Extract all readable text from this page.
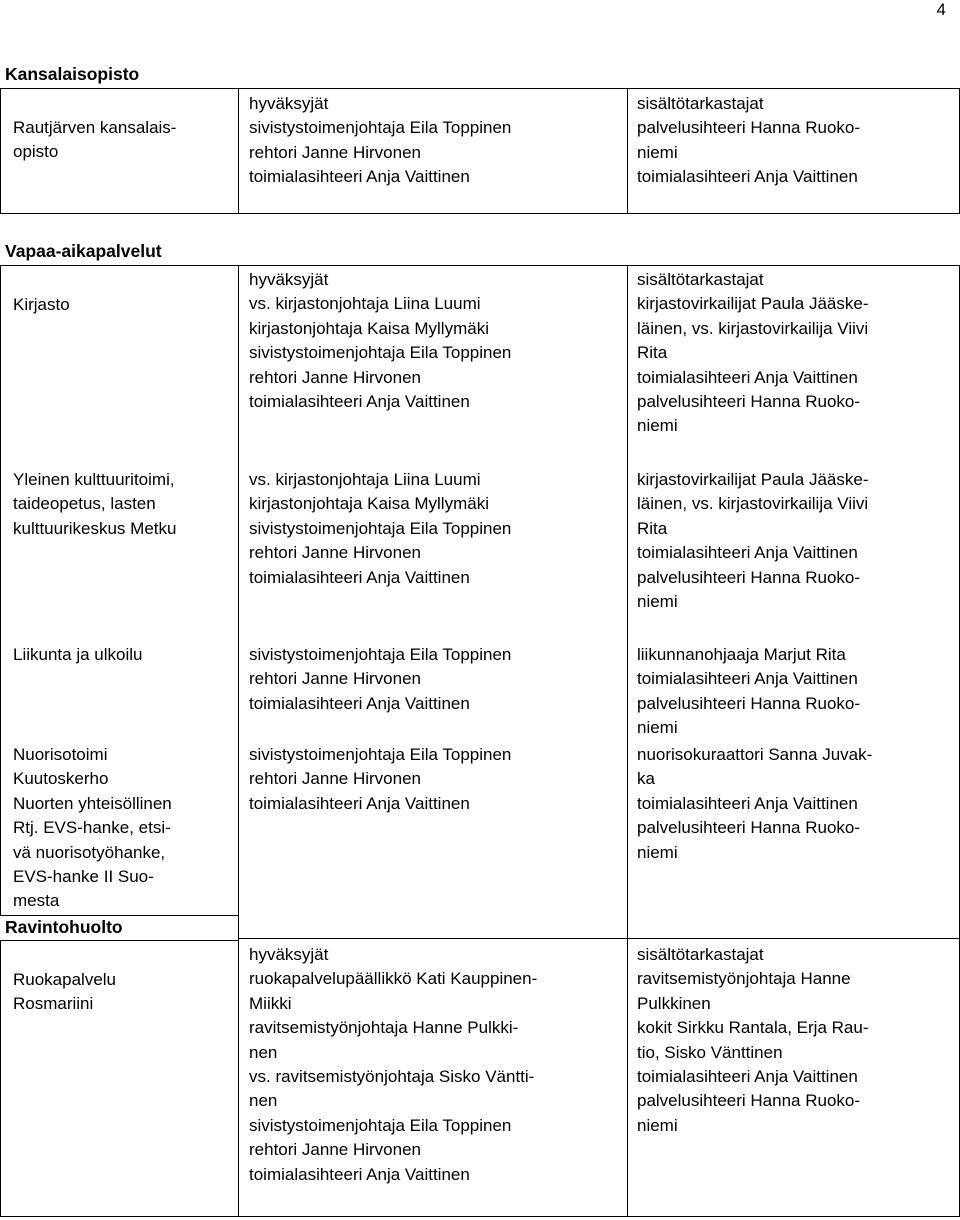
4
Kansalaisopisto
Rautjärven kansalais-
opisto
hyväksyjät
sivistystoimenjohtaja Eila Toppinen
rehtori Janne Hirvonen
toimialasihteeri Anja Vaittinen
sisältötarkastajat
palvelusihteeri Hanna Ruoko-
niemi
toimialasihteeri Anja Vaittinen
Vapaa-aikapalvelut
Kirjasto
hyväksyjät
vs. kirjastonjohtaja Liina Luumi
kirjastonjohtaja Kaisa Myllymäki
sivistystoimenjohtaja Eila Toppinen
rehtori Janne Hirvonen
toimialasihteeri Anja Vaittinen
sisältötarkastajat
kirjastovirkailijat Paula Jääske-
läinen, vs. kirjastovirkailija Viivi
Rita
toimialasihteeri Anja Vaittinen
palvelusihteeri Hanna Ruoko-
niemi
Yleinen kulttuuritoimi,
taideopetus, lasten
kulttuurikeskus Metku
vs. kirjastonjohtaja Liina Luumi
kirjastonjohtaja Kaisa Myllymäki
sivistystoimenjohtaja Eila Toppinen
rehtori Janne Hirvonen
toimialasihteeri Anja Vaittinen
kirjastovirkailijat Paula Jääske-
läinen, vs. kirjastovirkailija Viivi
Rita
toimialasihteeri Anja Vaittinen
palvelusihteeri Hanna Ruoko-
niemi
Liikunta ja ulkoilu	sivistystoimenjohtaja Eila Toppinen
rehtori Janne Hirvonen
toimialasihteeri Anja Vaittinen
liikunnanohjaaja Marjut Rita
toimialasihteeri Anja Vaittinen
palvelusihteeri Hanna Ruoko-
niemi
Nuorisotoimi
Kuutoskerho
Nuorten yhteisöllinen
Rtj. EVS-hanke, etsi-
vä nuorisotyöhanke,
EVS-hanke II Suo-
mesta
sivistystoimenjohtaja Eila Toppinen
rehtori Janne Hirvonen
toimialasihteeri Anja Vaittinen
nuorisokuraattori Sanna Juvak-
ka
toimialasihteeri Anja Vaittinen
palvelusihteeri Hanna Ruoko-
niemi
Ravintohuolto
Ruokapalvelu
Rosmariini
hyväksyjät
ruokapalvelupäällikkö Kati Kauppinen-
Miikki
ravitsemistyönjohtaja Hanne Pulkki-
nen
vs. ravitsemistyönjohtaja Sisko Väntti-
nen
sivistystoimenjohtaja Eila Toppinen
rehtori Janne Hirvonen
toimialasihteeri Anja Vaittinen
sisältötarkastajat
ravitsemistyönjohtaja Hanne
Pulkkinen
kokit Sirkku Rantala, Erja Rau-
tio, Sisko Vänttinen
toimialasihteeri Anja Vaittinen
palvelusihteeri Hanna Ruoko-
niemi
